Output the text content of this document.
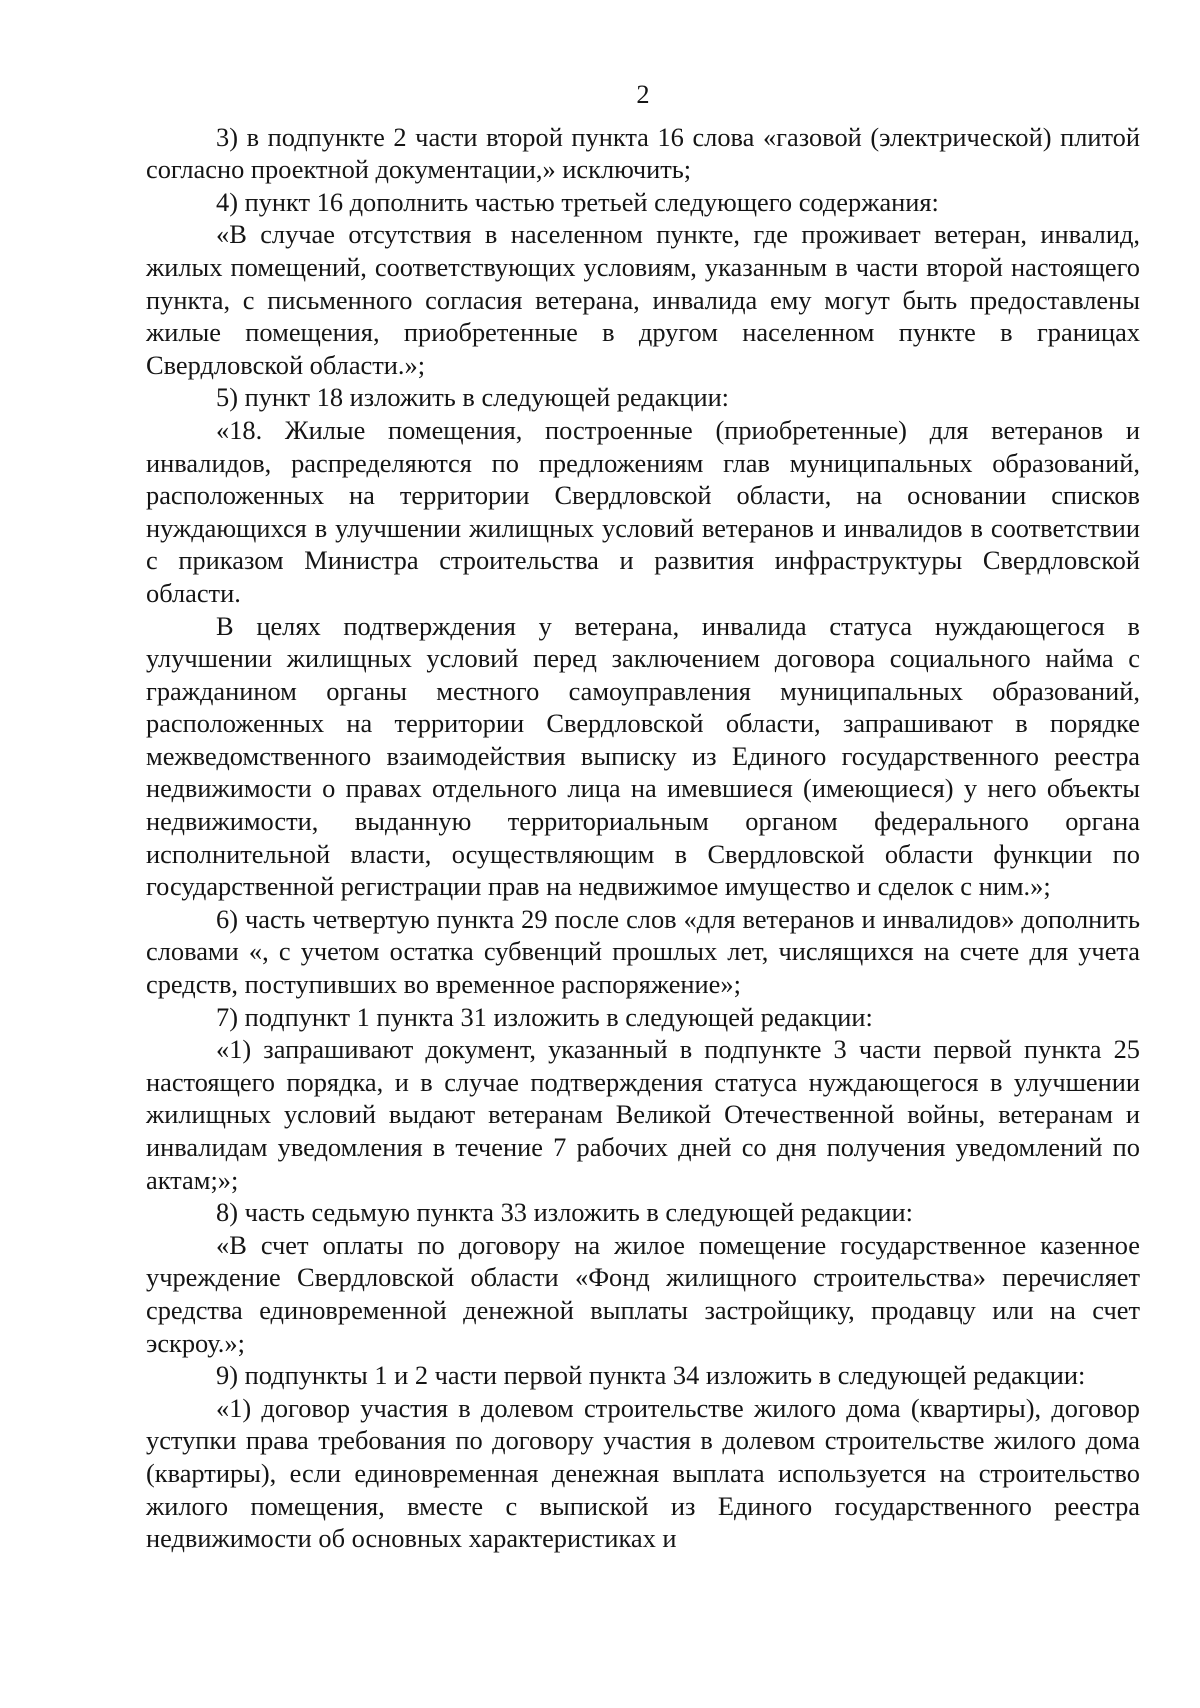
2

3) в подпункте 2 части второй пункта 16 слова «газовой (электрической) плитой согласно проектной документации,» исключить;

4) пункт 16 дополнить частью третьей следующего содержания:

«В случае отсутствия в населенном пункте, где проживает ветеран, инвалид, жилых помещений, соответствующих условиям, указанным в части второй настоящего пункта, с письменного согласия ветерана, инвалида ему могут быть предоставлены жилые помещения, приобретенные в другом населенном пункте в границах Свердловской области.»;

5) пункт 18 изложить в следующей редакции:

«18. Жилые помещения, построенные (приобретенные) для ветеранов и инвалидов, распределяются по предложениям глав муниципальных образований, расположенных на территории Свердловской области, на основании списков нуждающихся в улучшении жилищных условий ветеранов и инвалидов в соответствии с приказом Министра строительства и развития инфраструктуры Свердловской области.

В целях подтверждения у ветерана, инвалида статуса нуждающегося в улучшении жилищных условий перед заключением договора социального найма с гражданином органы местного самоуправления муниципальных образований, расположенных на территории Свердловской области, запрашивают в порядке межведомственного взаимодействия выписку из Единого государственного реестра недвижимости о правах отдельного лица на имевшиеся (имеющиеся) у него объекты недвижимости, выданную территориальным органом федерального органа исполнительной власти, осуществляющим в Свердловской области функции по государственной регистрации прав на недвижимое имущество и сделок с ним.»;

6) часть четвертую пункта 29 после слов «для ветеранов и инвалидов» дополнить словами «, с учетом остатка субвенций прошлых лет, числящихся на счете для учета средств, поступивших во временное распоряжение»;

7) подпункт 1 пункта 31 изложить в следующей редакции:

«1) запрашивают документ, указанный в подпункте 3 части первой пункта 25 настоящего порядка, и в случае подтверждения статуса нуждающегося в улучшении жилищных условий выдают ветеранам Великой Отечественной войны, ветеранам и инвалидам уведомления в течение 7 рабочих дней со дня получения уведомлений по актам;»;

8) часть седьмую пункта 33 изложить в следующей редакции:

«В счет оплаты по договору на жилое помещение государственное казенное учреждение Свердловской области «Фонд жилищного строительства» перечисляет средства единовременной денежной выплаты застройщику, продавцу или на счет эскроу.»;

9) подпункты 1 и 2 части первой пункта 34 изложить в следующей редакции:

«1) договор участия в долевом строительстве жилого дома (квартиры), договор уступки права требования по договору участия в долевом строительстве жилого дома (квартиры), если единовременная денежная выплата используется на строительство жилого помещения, вместе с выпиской из Единого государственного реестра недвижимости об основных характеристиках и
